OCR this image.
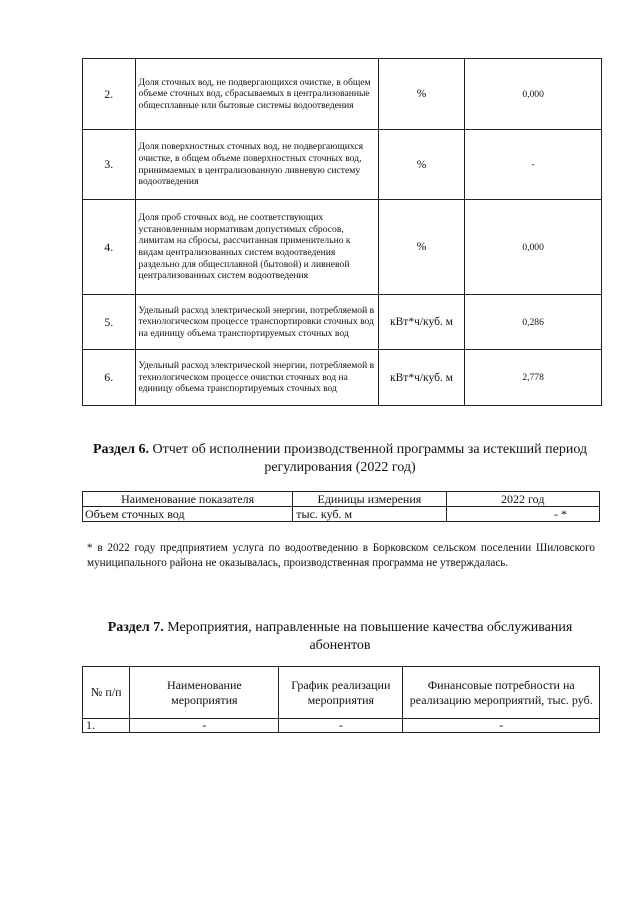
2.	Доля сточных вод, не подвергающихся очистке, в общем объеме сточных вод, сбрасываемых в централизованные общесплавные или бытовые системы водоотведения	%	0,000
3.	Доля поверхностных сточных вод, не подвергающихся очистке, в общем объеме поверхностных сточных вод, принимаемых в централизованную ливневую систему водоотведения	%	-
4.	Доля проб сточных вод, не соответствующих установленным нормативам допустимых сбросов, лимитам на сбросы, рассчитанная применительно к видам централизованных систем водоотведения раздельно для общесплавной (бытовой) и ливневой централизованных систем водоотведения	%	0,000
5.	Удельный расход электрической энергии, потребляемой в технологическом процессе транспортировки сточных вод на единицу объема транспортируемых сточных вод	кВт*ч/куб. м	0,286
6.	Удельный расход электрической энергии, потребляемой в технологическом процессе очистки сточных вод на единицу объема транспортируемых сточных вод	кВт*ч/куб. м	2,778
Раздел 6. Отчет об исполнении производственной программы за истекший период регулирования (2022 год)
Наименование показателя	Единицы измерения	2022 год
Объем сточных вод	тыс. куб. м	- *
* в 2022 году предприятием услуга по водоотведению в Борковском сельском поселении Шиловского муниципального района не оказывалась, производственная программа не утверждалась.
Раздел 7. Мероприятия, направленные на повышение качества обслуживания абонентов
№ п/п	Наименование мероприятия	График реализации мероприятия	Финансовые потребности на реализацию мероприятий, тыс. руб.
1.	-	-	-
